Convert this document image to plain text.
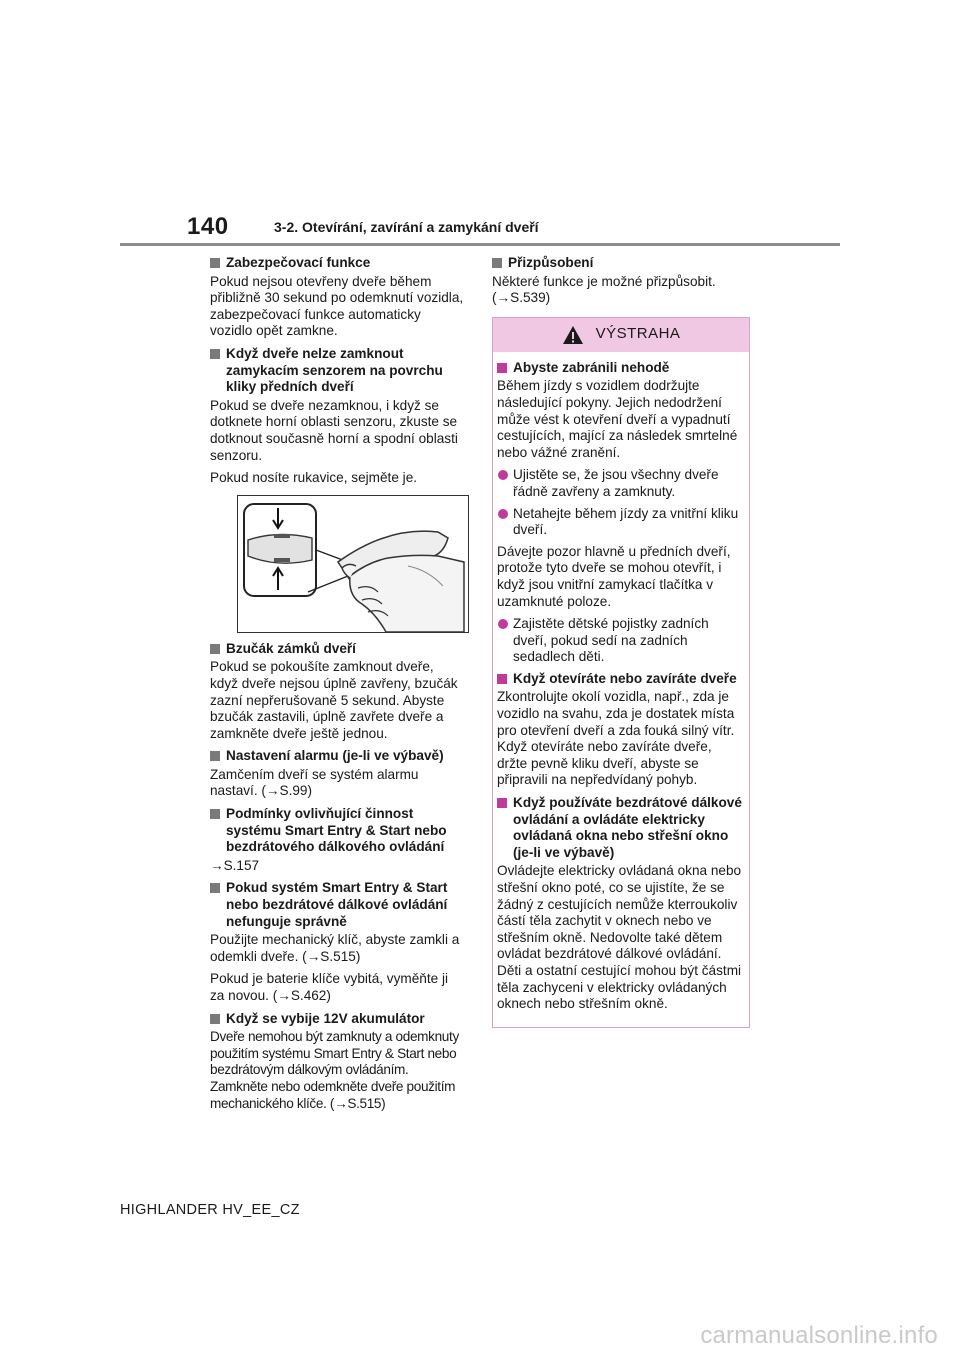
140	3-2. Otevírání, zavírání a zamykání dveří
Zabezpečovací funkce

Pokud nejsou otevřeny dveře během přibližně 30 sekund po odemknutí vozidla, zabezpečovací funkce automaticky vozidlo opět zamkne.

Když dveře nelze zamknout zamykacím senzorem na povrchu kliky předních dveří

Pokud se dveře nezamknou, i když se dotknete horní oblasti senzoru, zkuste se dotknout současně horní a spodní oblasti senzoru.

Pokud nosíte rukavice, sejměte je.

Bzučák zámků dveří

Pokud se pokoušíte zamknout dveře, když dveře nejsou úplně zavřeny, bzučák zazní nepřerušovaně 5 sekund. Abyste bzučák zastavili, úplně zavřete dveře a zamkněte dveře ještě jednou.

Nastavení alarmu (je-li ve výbavě)

Zamčením dveří se systém alarmu nastaví. (→S.99)

Podmínky ovlivňující činnost systému Smart Entry & Start nebo bezdrátového dálkového ovládání

→S.157

Pokud systém Smart Entry & Start nebo bezdrátové dálkové ovládání nefunguje správně

Použijte mechanický klíč, abyste zamkli a odemkli dveře. (→S.515)

Pokud je baterie klíče vybitá, vyměňte ji za novou. (→S.462)

Když se vybije 12V akumulátor

Dveře nemohou být zamknuty a odemknuty použitím systému Smart Entry & Start nebo bezdrátovým dálkovým ovládáním. Zamkněte nebo odemkněte dveře použitím mechanického klíče. (→S.515)

Přizpůsobení

Některé funkce je možné přizpůsobit. (→S.539)

VÝSTRAHA
Abyste zabránili nehodě

Během jízdy s vozidlem dodržujte následující pokyny. Jejich nedodržení může vést k otevření dveří a vypadnutí cestujících, mající za následek smrtelné nebo vážné zranění.

Ujistěte se, že jsou všechny dveře řádně zavřeny a zamknuty.
Netahejte během jízdy za vnitřní kliku dveří.

Dávejte pozor hlavně u předních dveří, protože tyto dveře se mohou otevřít, i když jsou vnitřní zamykací tlačítka v uzamknuté poloze.

Zajistěte dětské pojistky zadních dveří, pokud sedí na zadních sedadlech děti.
Když otevíráte nebo zavíráte dveře

Zkontrolujte okolí vozidla, např., zda je vozidlo na svahu, zda je dostatek místa pro otevření dveří a zda fouká silný vítr. Když otevíráte nebo zavíráte dveře, držte pevně kliku dveří, abyste se připravili na nepředvídaný pohyb.

Když používáte bezdrátové dálkové ovládání a ovládáte elektricky ovládaná okna nebo střešní okno (je-li ve výbavě)

Ovládejte elektricky ovládaná okna nebo střešní okno poté, co se ujistíte, že se žádný z cestujících nemůže kterroukoliv částí těla zachytit v oknech nebo ve střešním okně. Nedovolte také dětem ovládat bezdrátové dálkové ovládání. Děti a ostatní cestující mohou být částmi těla zachyceni v elektricky ovládaných oknech nebo střešním okně.

HIGHLANDER HV_EE_CZ
carmanualsonline.info
